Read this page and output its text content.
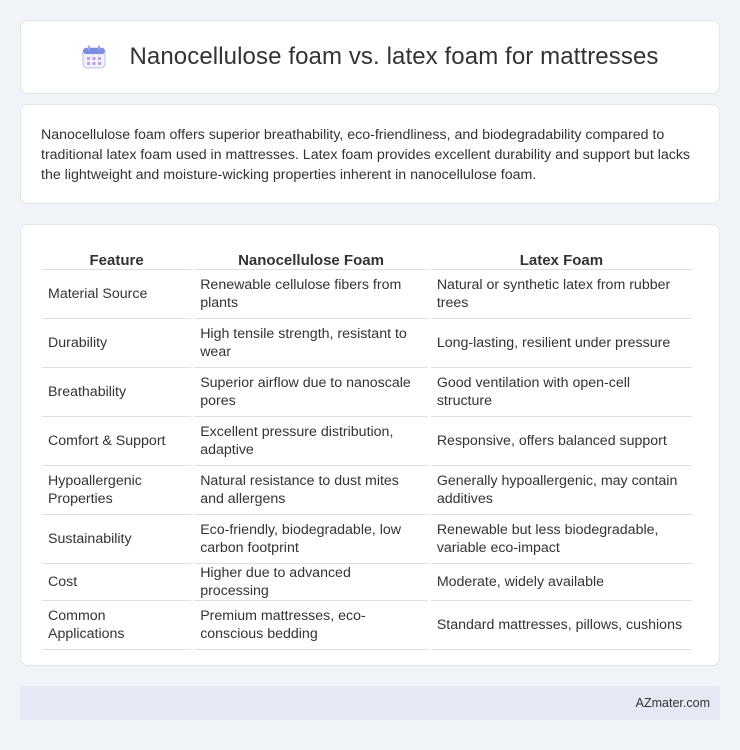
Nanocellulose foam vs. latex foam for mattresses

Nanocellulose foam offers superior breathability, eco-friendliness, and biodegradability compared to traditional latex foam used in mattresses. Latex foam provides excellent durability and support but lacks the lightweight and moisture-wicking properties inherent in nanocellulose foam.

Feature	Nanocellulose Foam	Latex Foam
Material Source	Renewable cellulose fibers from plants	Natural or synthetic latex from rubber trees
Durability	High tensile strength, resistant to wear	Long-lasting, resilient under pressure
Breathability	Superior airflow due to nanoscale pores	Good ventilation with open-cell structure
Comfort & Support	Excellent pressure distribution, adaptive	Responsive, offers balanced support
Hypoallergenic Properties	Natural resistance to dust mites and allergens	Generally hypoallergenic, may contain additives
Sustainability	Eco-friendly, biodegradable, low carbon footprint	Renewable but less biodegradable, variable eco-impact
Cost	Higher due to advanced processing	Moderate, widely available
Common Applications	Premium mattresses, eco-conscious bedding	Standard mattresses, pillows, cushions
AZmater.com
